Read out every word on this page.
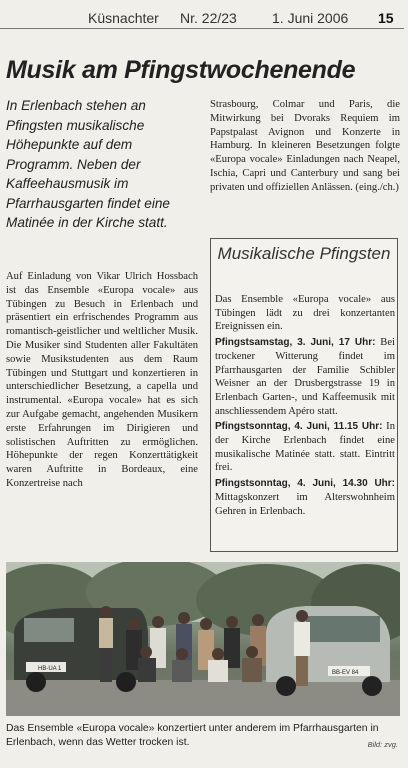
Küsnachter Nr. 22/23	1. Juni 2006 15
Musik am Pfingstwochenende
In Erlenbach stehen an Pfingsten musikalische Höhepunkte auf dem Programm. Neben der Kaffeehausmusik im Pfarrhausgarten findet eine Matinée in der Kirche statt.
Strasbourg, Colmar und Paris, die Mitwirkung bei Dvoraks Requiem im Papstpalast Avignon und Konzerte in Hamburg. In kleineren Besetzungen folgte «Europa vocale» Einladungen nach Neapel, Ischia, Capri und Canterbury und sang bei privaten und offiziellen Anlässen. (eing./ch.)
Auf Einladung von Vikar Ulrich Hossbach ist das Ensemble «Europa vocale» aus Tübingen zu Besuch in Erlenbach und präsentiert ein erfrischendes Programm aus romantisch-geistlicher und weltlicher Musik. Die Musiker sind Studenten aller Fakultäten sowie Musikstudenten aus dem Raum Tübingen und Stuttgart und konzertieren in unterschiedlicher Besetzung, a capella und instrumental. «Europa vocale» hat es sich zur Aufgabe gemacht, angehenden Musikern erste Erfahrungen im Dirigieren und solistischen Auftritten zu ermöglichen. Höhepunkte der regen Konzerttätigkeit waren Auftritte in Bordeaux, eine Konzertreise nach
Musikalische Pfingsten

Das Ensemble «Europa vocale» aus Tübingen lädt zu drei konzertanten Ereignissen ein.

Pfingstsamstag, 3. Juni, 17 Uhr: Bei trockener Witterung findet im Pfarrhausgarten der Familie Schibler Weisner an der Drusbergstrasse 19 in Erlenbach Garten-, und Kaffeemusik mit anschliessendem Apéro statt.

Pfingstsonntag, 4. Juni, 11.15 Uhr: In der Kirche Erlenbach findet eine musikalische Matinée statt. statt. Eintritt frei.

Pfingstsonntag, 4. Juni, 14.30 Uhr: Mittagskonzert im Alterswohnheim Gehren in Erlenbach.

HB-UA 1
BB-EV 84
Das Ensemble «Europa vocale» konzertiert unter anderem im Pfarrhausgarten in Erlenbach, wenn das Wetter trocken ist.	Bild: zvg.
